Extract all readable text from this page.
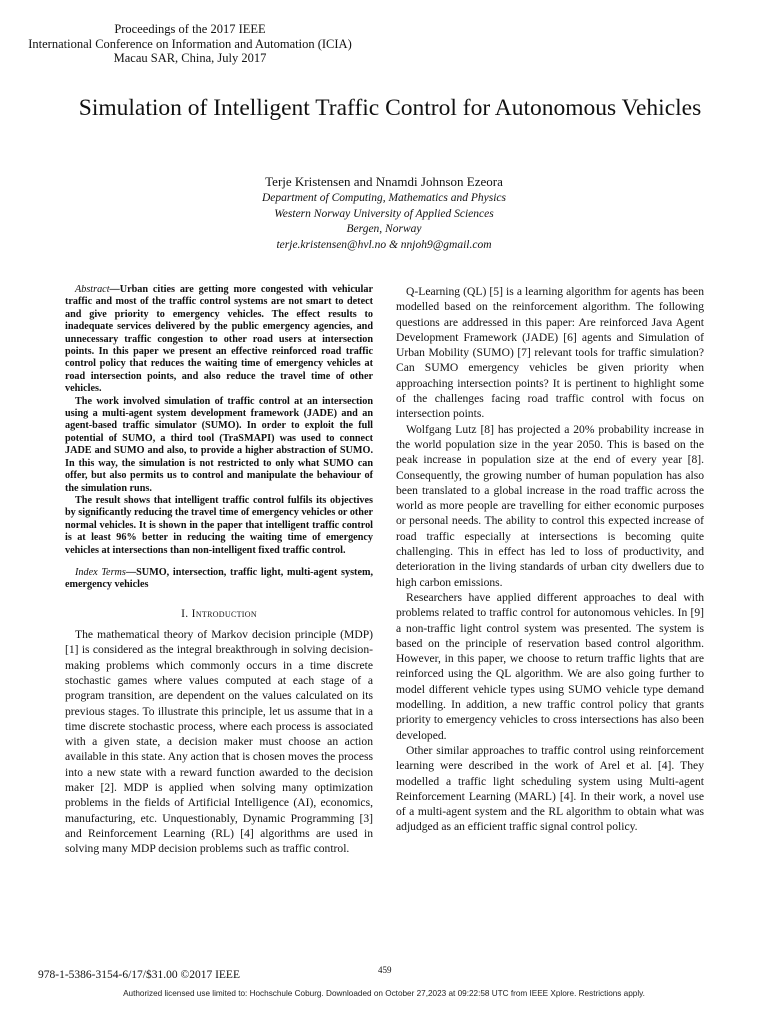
Proceedings of the 2017 IEEE
International Conference on Information and Automation (ICIA)
Macau SAR, China, July 2017
Simulation of Intelligent Traffic Control for Autonomous Vehicles
Terje Kristensen and Nnamdi Johnson Ezeora
Department of Computing, Mathematics and Physics
Western Norway University of Applied Sciences
Bergen, Norway
terje.kristensen@hvl.no & nnjoh9@gmail.com

Abstract—Urban cities are getting more congested with vehicular traffic and most of the traffic control systems are not smart to detect and give priority to emergency vehicles. The effect results to inadequate services delivered by the public emergency agencies, and unnecessary traffic congestion to other road users at intersection points. In this paper we present an effective reinforced road traffic control policy that reduces the waiting time of emergency vehicles at road intersection points, and also reduce the travel time of other vehicles.

The work involved simulation of traffic control at an intersection using a multi-agent system development framework (JADE) and an agent-based traffic simulator (SUMO). In order to exploit the full potential of SUMO, a third tool (TraSMAPI) was used to connect JADE and SUMO and also, to provide a higher abstraction of SUMO. In this way, the simulation is not restricted to only what SUMO can offer, but also permits us to control and manipulate the behaviour of the simulation runs.

The result shows that intelligent traffic control fulfils its objectives by significantly reducing the travel time of emergency vehicles or other normal vehicles. It is shown in the paper that intelligent traffic control is at least 96% better in reducing the waiting time of emergency vehicles at intersections than non-intelligent fixed traffic control.

Index Terms—SUMO, intersection, traffic light, multi-agent system, emergency vehicles
I. Introduction

The mathematical theory of Markov decision principle (MDP) [1] is considered as the integral breakthrough in solving decision-making problems which commonly occurs in a time discrete stochastic games where values computed at each stage of a program transition, are dependent on the values calculated on its previous stages. To illustrate this principle, let us assume that in a time discrete stochastic process, where each process is associated with a given state, a decision maker must choose an action available in this state. Any action that is chosen moves the process into a new state with a reward function awarded to the decision maker [2]. MDP is applied when solving many optimization problems in the fields of Artificial Intelligence (AI), economics, manufacturing, etc. Unquestionably, Dynamic Programming [3] and Reinforcement Learning (RL) [4] algorithms are used in solving many MDP decision problems such as traffic control.

Q-Learning (QL) [5] is a learning algorithm for agents has been modelled based on the reinforcement algorithm. The following questions are addressed in this paper: Are reinforced Java Agent Development Framework (JADE) [6] agents and Simulation of Urban Mobility (SUMO) [7] relevant tools for traffic simulation? Can SUMO emergency vehicles be given priority when approaching intersection points? It is pertinent to highlight some of the challenges facing road traffic control with focus on intersection points.

Wolfgang Lutz [8] has projected a 20% probability increase in the world population size in the year 2050. This is based on the peak increase in population size at the end of every year [8]. Consequently, the growing number of human population has also been translated to a global increase in the road traffic across the world as more people are travelling for either economic purposes or personal needs. The ability to control this expected increase of road traffic especially at intersections is becoming quite challenging. This in effect has led to loss of productivity, and deterioration in the living standards of urban city dwellers due to high carbon emissions.

Researchers have applied different approaches to deal with problems related to traffic control for autonomous vehicles. In [9] a non-traffic light control system was presented. The system is based on the principle of reservation based control algorithm. However, in this paper, we choose to return traffic lights that are reinforced using the QL algorithm. We are also going further to model different vehicle types using SUMO vehicle type demand modelling. In addition, a new traffic control policy that grants priority to emergency vehicles to cross intersections has also been developed.

Other similar approaches to traffic control using reinforcement learning were described in the work of Arel et al. [4]. They modelled a traffic light scheduling system using Multi-agent Reinforcement Learning (MARL) [4]. In their work, a novel use of a multi-agent system and the RL algorithm to obtain what was adjudged as an efficient traffic signal control policy.

978-1-5386-3154-6/17/$31.00 ©2017 IEEE	459
Authorized licensed use limited to: Hochschule Coburg. Downloaded on October 27,2023 at 09:22:58 UTC from IEEE Xplore. Restrictions apply.
